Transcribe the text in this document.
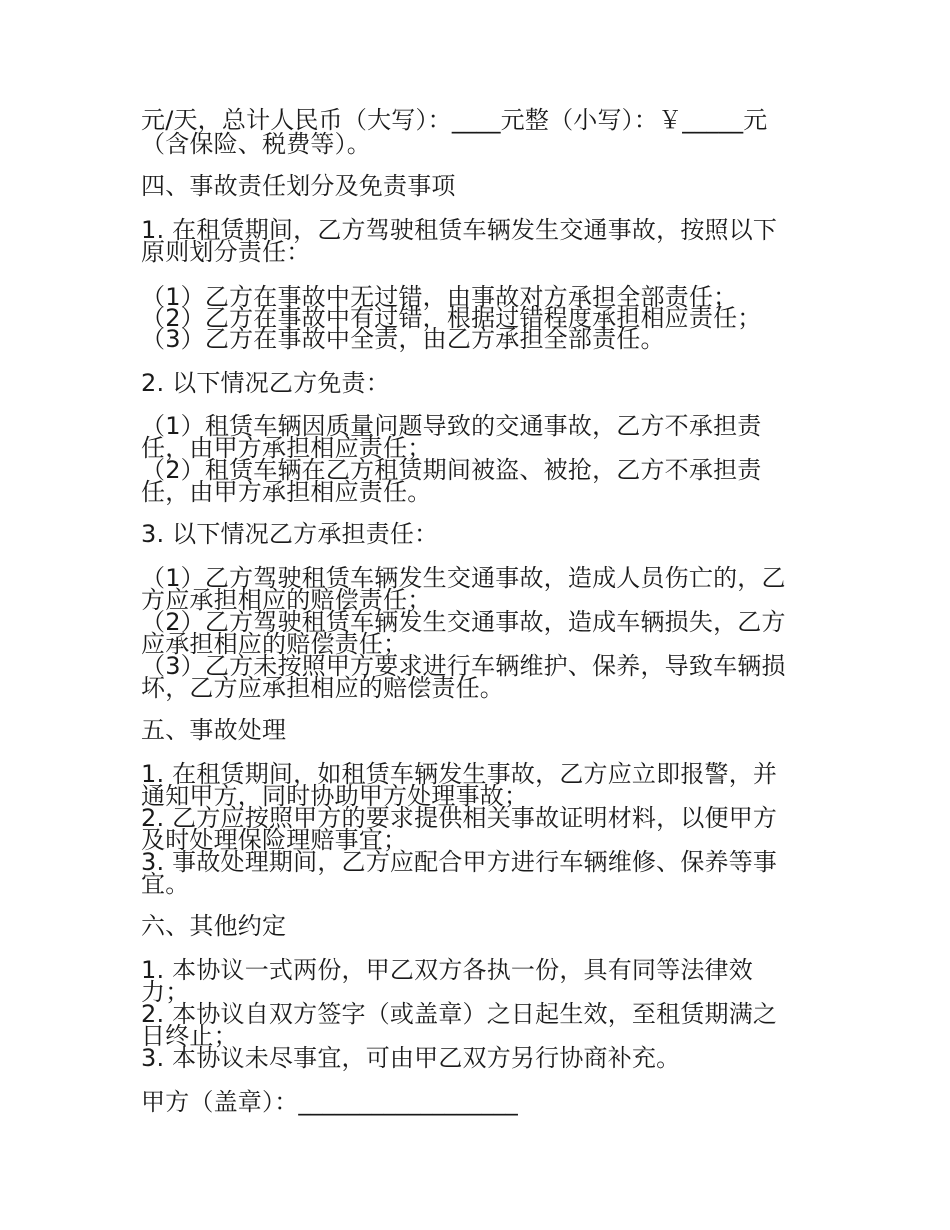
元/天，总计人民币（大写）：____元整（小写）：￥_____元
（含保险、税费等）。
四、事故责任划分及免责事项
1. 在租赁期间，乙方驾驶租赁车辆发生交通事故，按照以下
原则划分责任：
（1）乙方在事故中无过错，由事故对方承担全部责任；
（2）乙方在事故中有过错，根据过错程度承担相应责任；
（3）乙方在事故中全责，由乙方承担全部责任。
2. 以下情况乙方免责：
（1）租赁车辆因质量问题导致的交通事故，乙方不承担责
任，由甲方承担相应责任；
（2）租赁车辆在乙方租赁期间被盗、被抢，乙方不承担责
任，由甲方承担相应责任。
3. 以下情况乙方承担责任：
（1）乙方驾驶租赁车辆发生交通事故，造成人员伤亡的，乙
方应承担相应的赔偿责任；
（2）乙方驾驶租赁车辆发生交通事故，造成车辆损失，乙方
应承担相应的赔偿责任；
（3）乙方未按照甲方要求进行车辆维护、保养，导致车辆损
坏，乙方应承担相应的赔偿责任。
五、事故处理
1. 在租赁期间，如租赁车辆发生事故，乙方应立即报警，并
通知甲方，同时协助甲方处理事故；
2. 乙方应按照甲方的要求提供相关事故证明材料，以便甲方
及时处理保险理赔事宜；
3. 事故处理期间，乙方应配合甲方进行车辆维修、保养等事
宜。
六、其他约定
1. 本协议一式两份，甲乙双方各执一份，具有同等法律效
力；
2. 本协议自双方签字（或盖章）之日起生效，至租赁期满之
日终止；
3. 本协议未尽事宜，可由甲乙双方另行协商补充。
甲方（盖章）：__________________
